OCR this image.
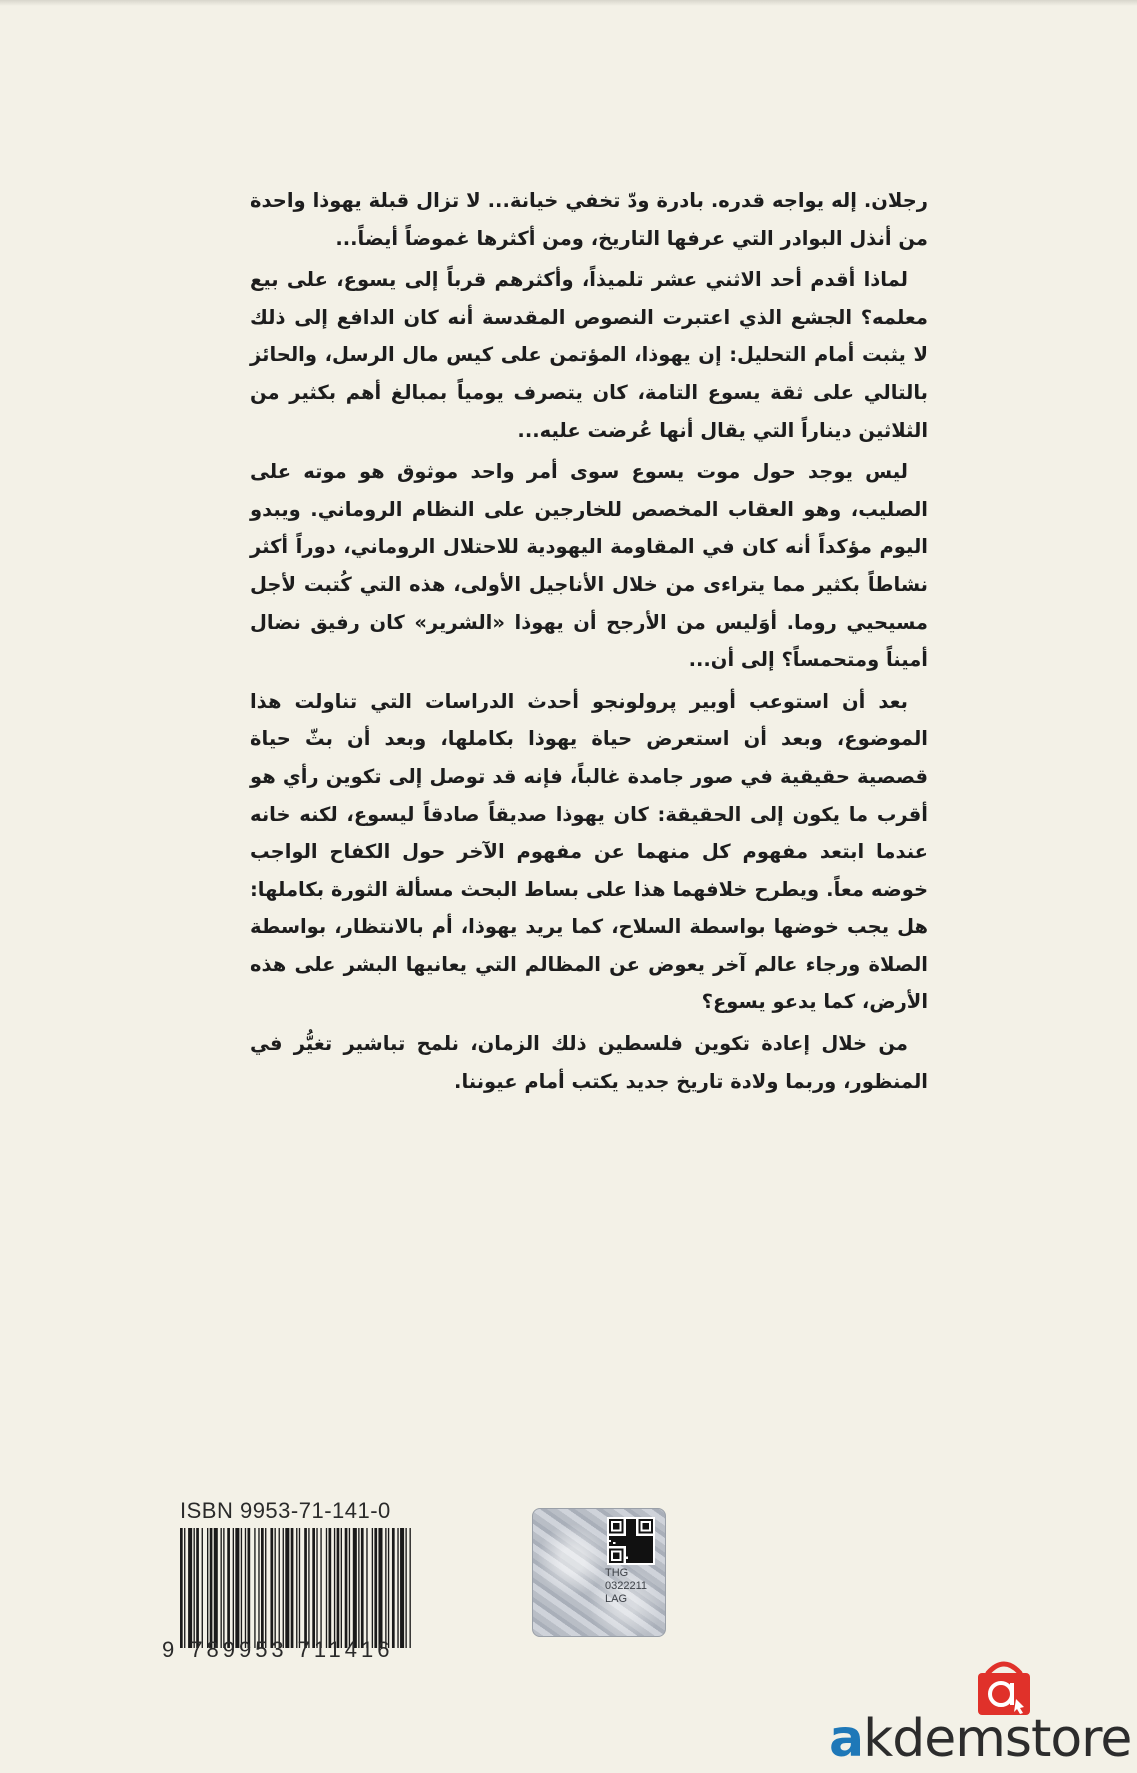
رجلان. إله يواجه قدره. بادرة ودّ تخفي خيانة... لا تزال قبلة يهوذا واحدة من أنذل البوادر التي عرفها التاريخ، ومن أكثرها غموضاً أيضاً...

لماذا أقدم أحد الاثني عشر تلميذاً، وأكثرهم قرباً إلى يسوع، على بيع معلمه؟ الجشع الذي اعتبرت النصوص المقدسة أنه كان الدافع إلى ذلك لا يثبت أمام التحليل: إن يهوذا، المؤتمن على كيس مال الرسل، والحائز بالتالي على ثقة يسوع التامة، كان يتصرف يومياً بمبالغ أهم بكثير من الثلاثين ديناراً التي يقال أنها عُرضت عليه...

ليس يوجد حول موت يسوع سوى أمر واحد موثوق هو موته على الصليب، وهو العقاب المخصص للخارجين على النظام الروماني. ويبدو اليوم مؤكداً أنه كان في المقاومة اليهودية للاحتلال الروماني، دوراً أكثر نشاطاً بكثير مما يتراءى من خلال الأناجيل الأولى، هذه التي كُتبت لأجل مسيحيي روما. أوَليس من الأرجح أن يهوذا «الشرير» كان رفيق نضال أميناً ومتحمساً؟ إلى أن...

بعد أن استوعب أوبير پرولونجو أحدث الدراسات التي تناولت هذا الموضوع، وبعد أن استعرض حياة يهوذا بكاملها، وبعد أن بثّ حياة قصصية حقيقية في صور جامدة غالباً، فإنه قد توصل إلى تكوين رأي هو أقرب ما يكون إلى الحقيقة: كان يهوذا صديقاً صادقاً ليسوع، لكنه خانه عندما ابتعد مفهوم كل منهما عن مفهوم الآخر حول الكفاح الواجب خوضه معاً. ويطرح خلافهما هذا على بساط البحث مسألة الثورة بكاملها: هل يجب خوضها بواسطة السلاح، كما يريد يهوذا، أم بالانتظار، بواسطة الصلاة ورجاء عالم آخر يعوض عن المظالم التي يعانيها البشر على هذه الأرض، كما يدعو يسوع؟

من خلال إعادة تكوين فلسطين ذلك الزمان، نلمح تباشير تغيُّر في المنظور، وربما ولادة تاريخ جديد يكتب أمام عيوننا.

ISBN 9953-71-141-0
9 789953 711416
THG
0322211
LAG
akdemstore
